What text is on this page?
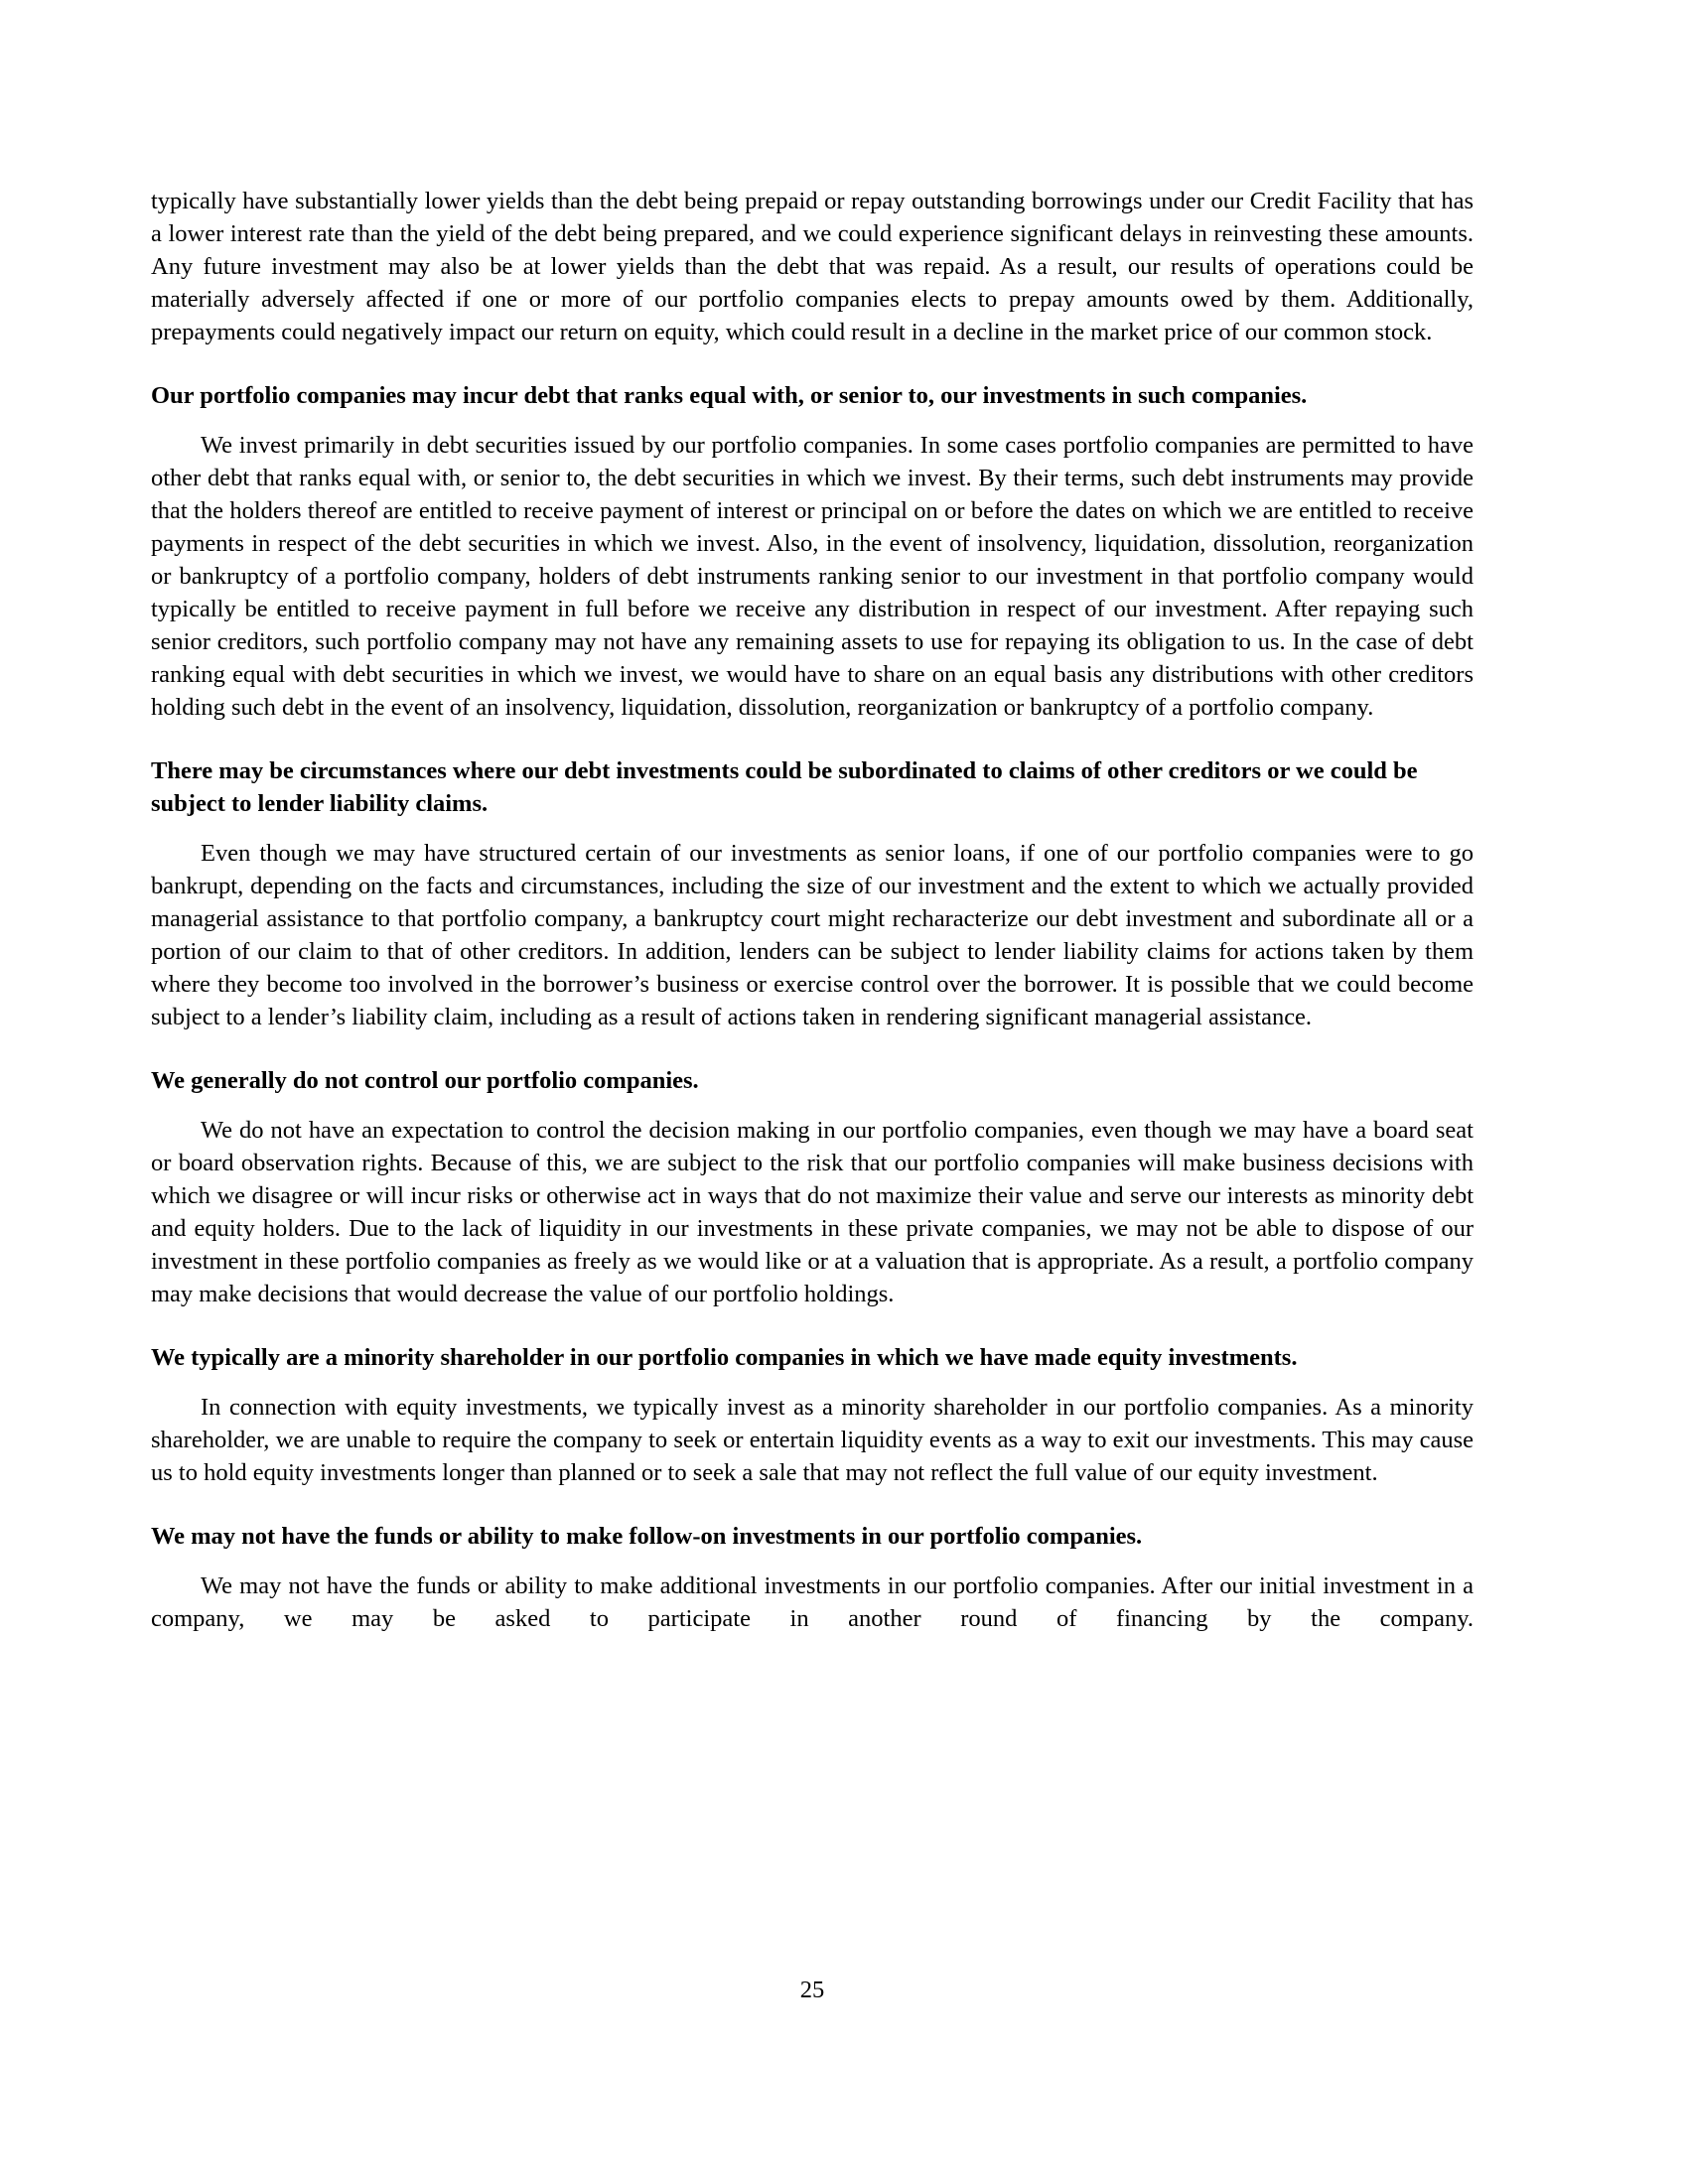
typically have substantially lower yields than the debt being prepaid or repay outstanding borrowings under our Credit Facility that has a lower interest rate than the yield of the debt being prepared, and we could experience significant delays in reinvesting these amounts. Any future investment may also be at lower yields than the debt that was repaid. As a result, our results of operations could be materially adversely affected if one or more of our portfolio companies elects to prepay amounts owed by them. Additionally, prepayments could negatively impact our return on equity, which could result in a decline in the market price of our common stock.
Our portfolio companies may incur debt that ranks equal with, or senior to, our investments in such companies.
We invest primarily in debt securities issued by our portfolio companies. In some cases portfolio companies are permitted to have other debt that ranks equal with, or senior to, the debt securities in which we invest. By their terms, such debt instruments may provide that the holders thereof are entitled to receive payment of interest or principal on or before the dates on which we are entitled to receive payments in respect of the debt securities in which we invest. Also, in the event of insolvency, liquidation, dissolution, reorganization or bankruptcy of a portfolio company, holders of debt instruments ranking senior to our investment in that portfolio company would typically be entitled to receive payment in full before we receive any distribution in respect of our investment. After repaying such senior creditors, such portfolio company may not have any remaining assets to use for repaying its obligation to us. In the case of debt ranking equal with debt securities in which we invest, we would have to share on an equal basis any distributions with other creditors holding such debt in the event of an insolvency, liquidation, dissolution, reorganization or bankruptcy of a portfolio company.
There may be circumstances where our debt investments could be subordinated to claims of other creditors or we could be subject to lender liability claims.
Even though we may have structured certain of our investments as senior loans, if one of our portfolio companies were to go bankrupt, depending on the facts and circumstances, including the size of our investment and the extent to which we actually provided managerial assistance to that portfolio company, a bankruptcy court might recharacterize our debt investment and subordinate all or a portion of our claim to that of other creditors. In addition, lenders can be subject to lender liability claims for actions taken by them where they become too involved in the borrower’s business or exercise control over the borrower. It is possible that we could become subject to a lender’s liability claim, including as a result of actions taken in rendering significant managerial assistance.
We generally do not control our portfolio companies.
We do not have an expectation to control the decision making in our portfolio companies, even though we may have a board seat or board observation rights. Because of this, we are subject to the risk that our portfolio companies will make business decisions with which we disagree or will incur risks or otherwise act in ways that do not maximize their value and serve our interests as minority debt and equity holders. Due to the lack of liquidity in our investments in these private companies, we may not be able to dispose of our investment in these portfolio companies as freely as we would like or at a valuation that is appropriate. As a result, a portfolio company may make decisions that would decrease the value of our portfolio holdings.
We typically are a minority shareholder in our portfolio companies in which we have made equity investments.
In connection with equity investments, we typically invest as a minority shareholder in our portfolio companies. As a minority shareholder, we are unable to require the company to seek or entertain liquidity events as a way to exit our investments. This may cause us to hold equity investments longer than planned or to seek a sale that may not reflect the full value of our equity investment.
We may not have the funds or ability to make follow-on investments in our portfolio companies.
We may not have the funds or ability to make additional investments in our portfolio companies. After our initial investment in a company, we may be asked to participate in another round of financing by the company.
25
